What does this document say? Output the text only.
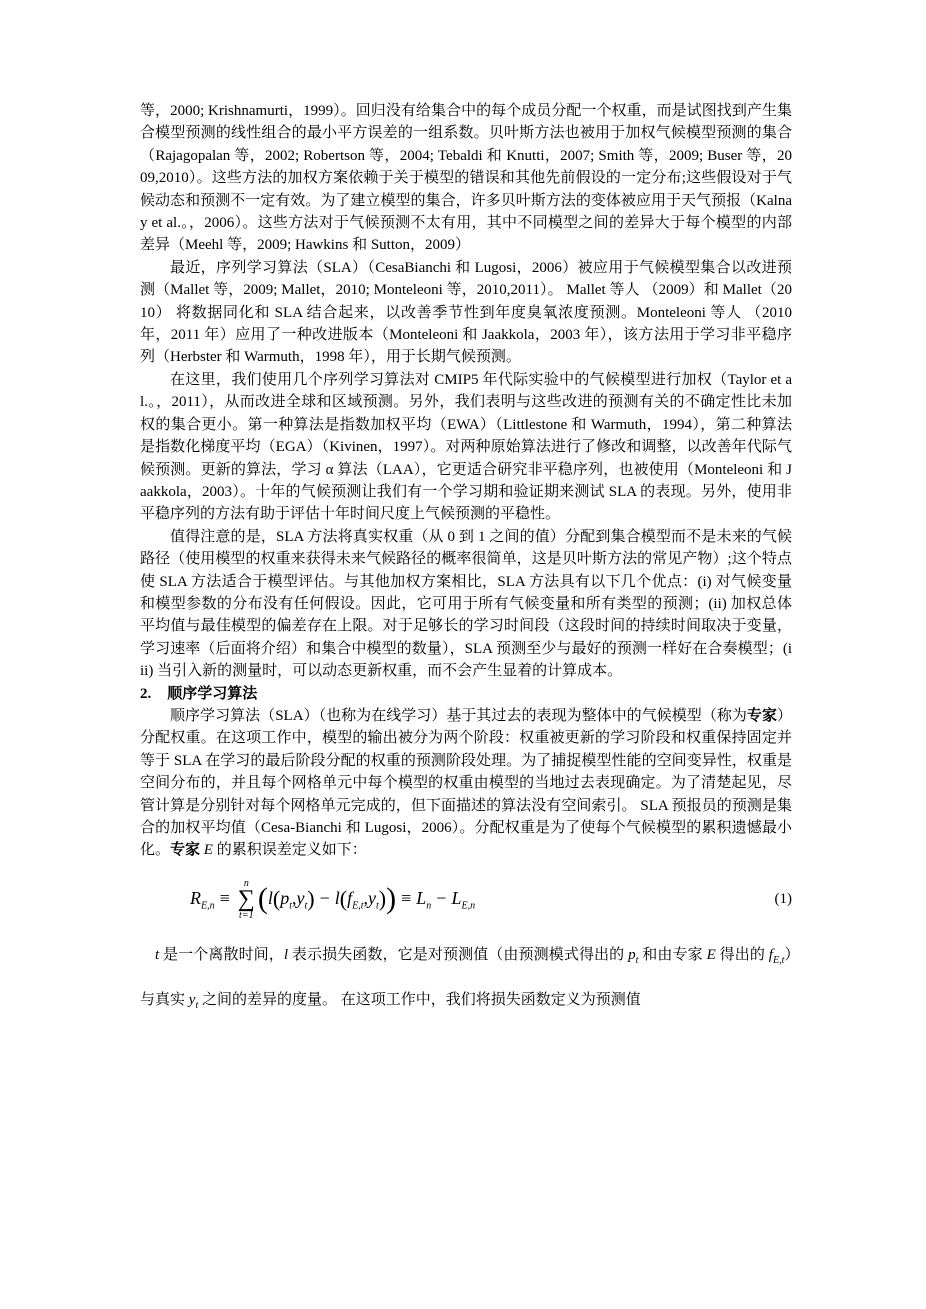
等，2000; Krishnamurti，1999）。回归没有给集合中的每个成员分配一个权重，而是试图找到产生集合模型预测的线性组合的最小平方误差的一组系数。贝叶斯方法也被用于加权气候模型预测的集合（Rajagopalan 等，2002; Robertson 等，2004; Tebaldi 和 Knutti，2007; Smith 等，2009; Buser 等，2009,2010）。这些方法的加权方案依赖于关于模型的错误和其他先前假设的一定分布;这些假设对于气候动态和预测不一定有效。为了建立模型的集合，许多贝叶斯方法的变体被应用于天气预报（Kalnay et al.。，2006）。这些方法对于气候预测不太有用，其中不同模型之间的差异大于每个模型的内部差异（Meehl 等，2009; Hawkins 和 Sutton，2009）
最近，序列学习算法（SLA）（CesaBianchi 和 Lugosi，2006）被应用于气候模型集合以改进预测（Mallet 等，2009; Mallet，2010; Monteleoni 等，2010,2011）。 Mallet 等人 （2009）和 Mallet（2010） 将数据同化和 SLA 结合起来，以改善季节性到年度臭氧浓度预测。Monteleoni 等人 （2010 年，2011 年）应用了一种改进版本（Monteleoni 和 Jaakkola，2003 年），该方法用于学习非平稳序列（Herbster 和 Warmuth，1998 年），用于长期气候预测。
在这里，我们使用几个序列学习算法对 CMIP5 年代际实验中的气候模型进行加权（Taylor et al.。，2011），从而改进全球和区域预测。另外，我们表明与这些改进的预测有关的不确定性比未加权的集合更小。第一种算法是指数加权平均（EWA）（Littlestone 和 Warmuth，1994），第二种算法是指数化梯度平均（EGA）（Kivinen，1997）。对两种原始算法进行了修改和调整，以改善年代际气候预测。更新的算法，学习 α 算法（LAA），它更适合研究非平稳序列，也被使用（Monteleoni 和 Jaakkola，2003）。十年的气候预测让我们有一个学习期和验证期来测试 SLA 的表现。另外，使用非平稳序列的方法有助于评估十年时间尺度上气候预测的平稳性。
值得注意的是，SLA 方法将真实权重（从 0 到 1 之间的值）分配到集合模型而不是未来的气候路径（使用模型的权重来获得未来气候路径的概率很简单，这是贝叶斯方法的常见产物）;这个特点使 SLA 方法适合于模型评估。与其他加权方案相比，SLA 方法具有以下几个优点：(i) 对气候变量和模型参数的分布没有任何假设。因此，它可用于所有气候变量和所有类型的预测；(ii) 加权总体平均值与最佳模型的偏差存在上限。对于足够长的学习时间段（这段时间的持续时间取决于变量，学习速率（后面将介绍）和集合中模型的数量），SLA 预测至少与最好的预测一样好在合奏模型；(iii) 当引入新的测量时，可以动态更新权重，而不会产生显着的计算成本。
2. 顺序学习算法
顺序学习算法（SLA）（也称为在线学习）基于其过去的表现为整体中的气候模型（称为专家）分配权重。在这项工作中，模型的输出被分为两个阶段：权重被更新的学习阶段和权重保持固定并等于 SLA 在学习的最后阶段分配的权重的预测阶段处理。为了捕捉模型性能的空间变异性，权重是空间分布的，并且每个网格单元中每个模型的权重由模型的当地过去表现确定。为了清楚起见，尽管计算是分别针对每个网格单元完成的，但下面描述的算法没有空间索引。 SLA 预报员的预测是集合的加权平均值（Cesa-Bianchi 和 Lugosi，2006）。分配权重是为了使每个气候模型的累积遗憾最小化。专家 E 的累积误差定义如下：
$R_{E,n}$ ≡
n
∑
t=1
$(l(p_t,y_t) - l(f_{E,t},y_t)) \equiv L_n - L_{E,n}$	(1)
t 是一个离散时间，l 表示损失函数，它是对预测值（由预测模式得出的 $p_t$ 和由专家 E 得出的 $f_{E,t}$）与真实 $y_t$ 之间的差异的度量。 在这项工作中，我们将损失函数定义为预测值
